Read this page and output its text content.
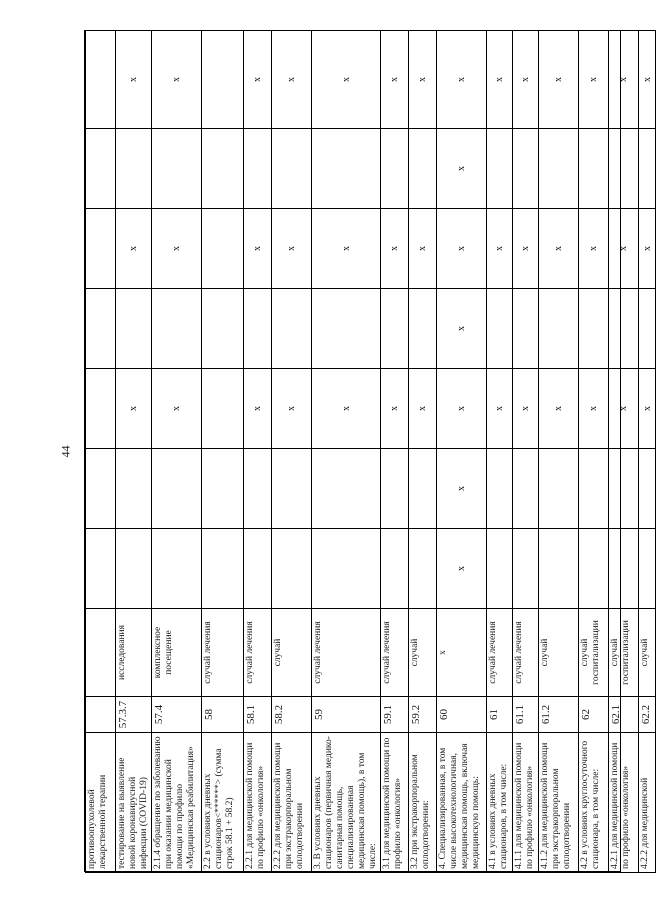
44
противоопухолевой лекарственной терапии									
тестирование на выявление новой коронавирусной инфекции (COVID-19)	57.3.7	исследования			х		х		х
2.1.4 обращение по заболеванию при оказании медицинской помощи по профилю «Медицинская реабилитация»	57.4	комплексное посещение			х		х		х
2.2 в условиях дневных стационаров<******> (сумма строк 58.1 + 58.2)	58	случай лечения							
2.2.1 для медицинской помощи по профилю «онкология»	58.1	случай лечения			х		х		х
2.2.2 для медицинской помощи при экстракорпоральном оплодотворении	58.2	случай			х		х		х
3. В условиях дневных стационаров (первичная медико-санитарная помощь, специализированная медицинская помощь), в том числе:	59	случай лечения			х		х		х
3.1 для медицинской помощи по профилю «онкология»	59.1	случай лечения			х		х		х
3.2 при экстракорпоральном оплодотворении:	59.2	случай			х		х		х
4. Специализированная, в том числе высокотехнологичная, медицинская помощь, включая медицинскую помощь:	60	х	х	х	х	х	х	х	х
4.1 в условиях дневных стационаров, в том числе:	61	случай лечения			х		х		х
4.1.1 для медицинской помощи по профилю «онкология»	61.1	случай лечения			х		х		х
4.1.2 для медицинской помощи при экстракорпоральном оплодотворении	61.2	случай			х		х		х
4.2 в условиях круглосуточного стационара, в том числе:	62	случай госпитализации			х		х		х
4.2.1 для медицинской помощи по профилю «онкология»	62.1	случай госпитализации			х		х		х
4.2.2 для медицинской	62.2	случай			х		х		х
